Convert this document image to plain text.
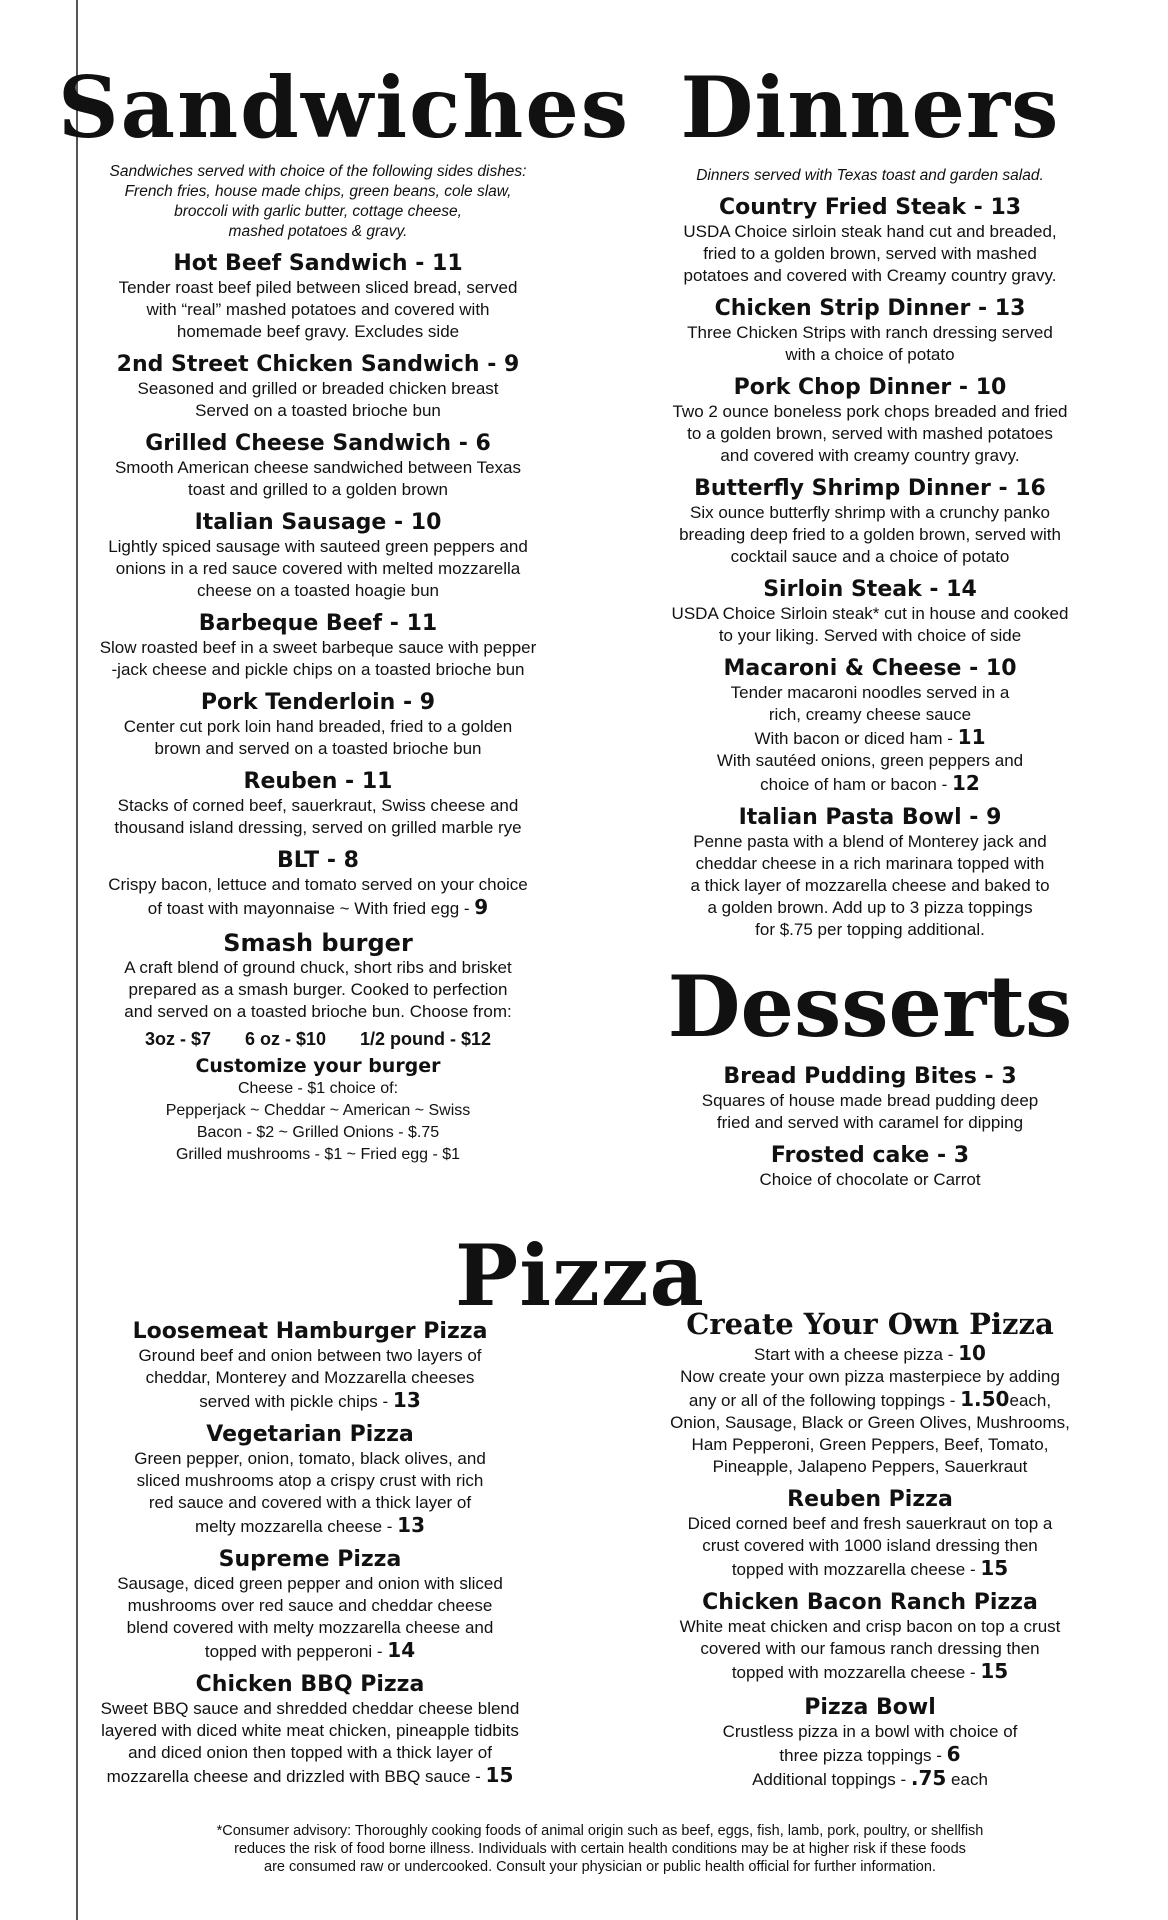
Sandwiches
Sandwiches served with choice of the following sides dishes:
French fries, house made chips, green beans, cole slaw,
broccoli with garlic butter, cottage cheese,
mashed potatoes & gravy.
Hot Beef Sandwich - 11
Tender roast beef piled between sliced bread, served
with “real” mashed potatoes and covered with
homemade beef gravy. Excludes side
2nd Street Chicken Sandwich - 9
Seasoned and grilled or breaded chicken breast
Served on a toasted brioche bun
Grilled Cheese Sandwich - 6
Smooth American cheese sandwiched between Texas
toast and grilled to a golden brown
Italian Sausage - 10
Lightly spiced sausage with sauteed green peppers and
onions in a red sauce covered with melted mozzarella
cheese on a toasted hoagie bun
Barbeque Beef - 11
Slow roasted beef in a sweet barbeque sauce with pepper
-jack cheese and pickle chips on a toasted brioche bun
Pork Tenderloin - 9
Center cut pork loin hand breaded, fried to a golden
brown and served on a toasted brioche bun
Reuben - 11
Stacks of corned beef, sauerkraut, Swiss cheese and
thousand island dressing, served on grilled marble rye
BLT - 8
Crispy bacon, lettuce and tomato served on your choice
of toast with mayonnaise ~ With fried egg - 9
Smash burger
A craft blend of ground chuck, short ribs and brisket
prepared as a smash burger. Cooked to perfection
and served on a toasted brioche bun. Choose from:
3oz - $7 6 oz - $10 1/2 pound - $12
Customize your burger
Cheese - $1 choice of:
Pepperjack ~ Cheddar ~ American ~ Swiss
Bacon - $2 ~ Grilled Onions - $.75
Grilled mushrooms - $1 ~ Fried egg - $1
Dinners
Dinners served with Texas toast and garden salad.
Country Fried Steak - 13
USDA Choice sirloin steak hand cut and breaded,
fried to a golden brown, served with mashed
potatoes and covered with Creamy country gravy.
Chicken Strip Dinner - 13
Three Chicken Strips with ranch dressing served
with a choice of potato
Pork Chop Dinner - 10
Two 2 ounce boneless pork chops breaded and fried
to a golden brown, served with mashed potatoes
and covered with creamy country gravy.
Butterfly Shrimp Dinner - 16
Six ounce butterfly shrimp with a crunchy panko
breading deep fried to a golden brown, served with
cocktail sauce and a choice of potato
Sirloin Steak - 14
USDA Choice Sirloin steak* cut in house and cooked
to your liking. Served with choice of side
Macaroni & Cheese - 10
Tender macaroni noodles served in a
rich, creamy cheese sauce
With bacon or diced ham - 11
With sautéed onions, green peppers and
choice of ham or bacon - 12
Italian Pasta Bowl - 9
Penne pasta with a blend of Monterey jack and
cheddar cheese in a rich marinara topped with
a thick layer of mozzarella cheese and baked to
a golden brown. Add up to 3 pizza toppings
for $.75 per topping additional.
Desserts
Bread Pudding Bites - 3
Squares of house made bread pudding deep
fried and served with caramel for dipping
Frosted cake - 3
Choice of chocolate or Carrot
Pizza
Loosemeat Hamburger Pizza
Ground beef and onion between two layers of
cheddar, Monterey and Mozzarella cheeses
served with pickle chips - 13
Vegetarian Pizza
Green pepper, onion, tomato, black olives, and
sliced mushrooms atop a crispy crust with rich
red sauce and covered with a thick layer of
melty mozzarella cheese - 13
Supreme Pizza
Sausage, diced green pepper and onion with sliced
mushrooms over red sauce and cheddar cheese
blend covered with melty mozzarella cheese and
topped with pepperoni - 14
Chicken BBQ Pizza
Sweet BBQ sauce and shredded cheddar cheese blend
layered with diced white meat chicken, pineapple tidbits
and diced onion then topped with a thick layer of
mozzarella cheese and drizzled with BBQ sauce - 15
Create Your Own Pizza
Start with a cheese pizza - 10
Now create your own pizza masterpiece by adding
any or all of the following toppings - 1.50each,
Onion, Sausage, Black or Green Olives, Mushrooms,
Ham Pepperoni, Green Peppers, Beef, Tomato,
Pineapple, Jalapeno Peppers, Sauerkraut
Reuben Pizza
Diced corned beef and fresh sauerkraut on top a
crust covered with 1000 island dressing then
topped with mozzarella cheese - 15
Chicken Bacon Ranch Pizza
White meat chicken and crisp bacon on top a crust
covered with our famous ranch dressing then
topped with mozzarella cheese - 15
Pizza Bowl
Crustless pizza in a bowl with choice of
three pizza toppings - 6
Additional toppings - .75 each
*Consumer advisory: Thoroughly cooking foods of animal origin such as beef, eggs, fish, lamb, pork, poultry, or shellfish
reduces the risk of food borne illness. Individuals with certain health conditions may be at higher risk if these foods
are consumed raw or undercooked. Consult your physician or public health official for further information.
